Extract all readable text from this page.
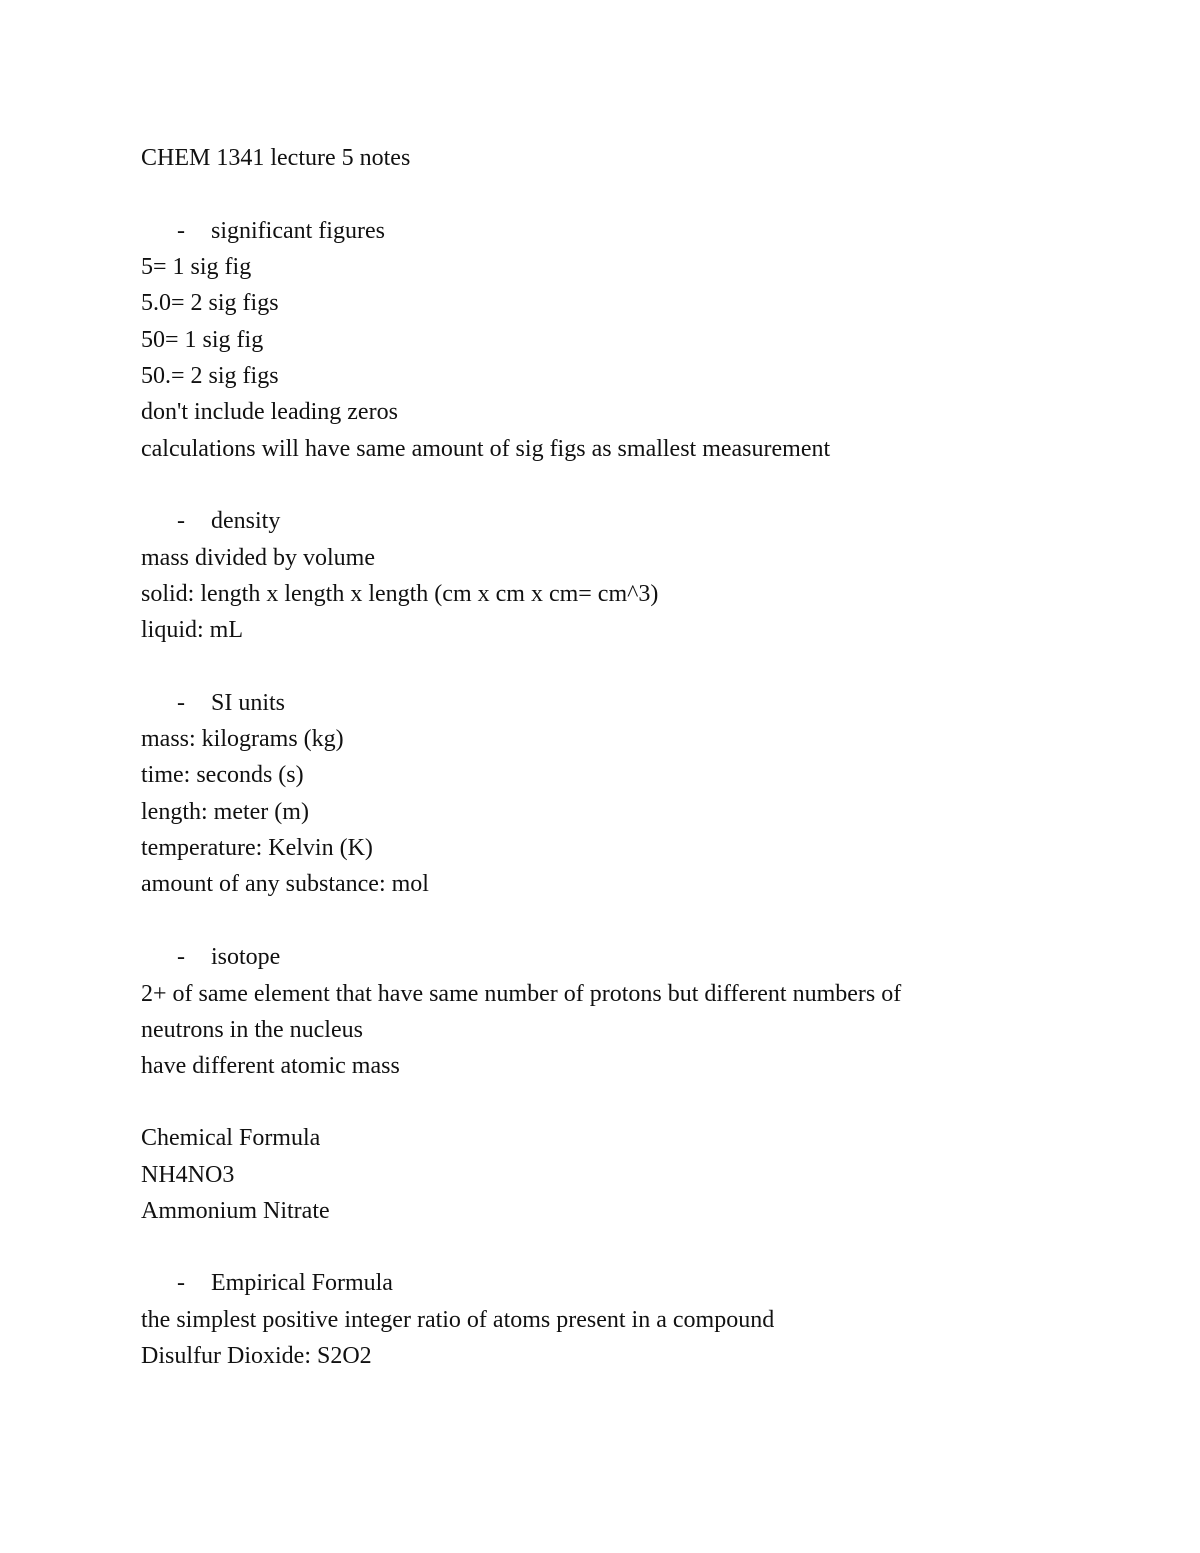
CHEM 1341 lecture 5 notes
- significant figures
5= 1 sig fig
5.0= 2 sig figs
50= 1 sig fig
50.= 2 sig figs
don't include leading zeros
calculations will have same amount of sig figs as smallest measurement
- density
mass divided by volume
solid: length x length x length (cm x cm x cm= cm^3)
liquid: mL
- SI units
mass: kilograms (kg)
time: seconds (s)
length: meter (m)
temperature: Kelvin (K)
amount of any substance: mol
- isotope
2+ of same element that have same number of protons but different numbers of
neutrons in the nucleus
have different atomic mass
Chemical Formula
NH4NO3
Ammonium Nitrate
- Empirical Formula
the simplest positive integer ratio of atoms present in a compound
Disulfur Dioxide: S2O2
